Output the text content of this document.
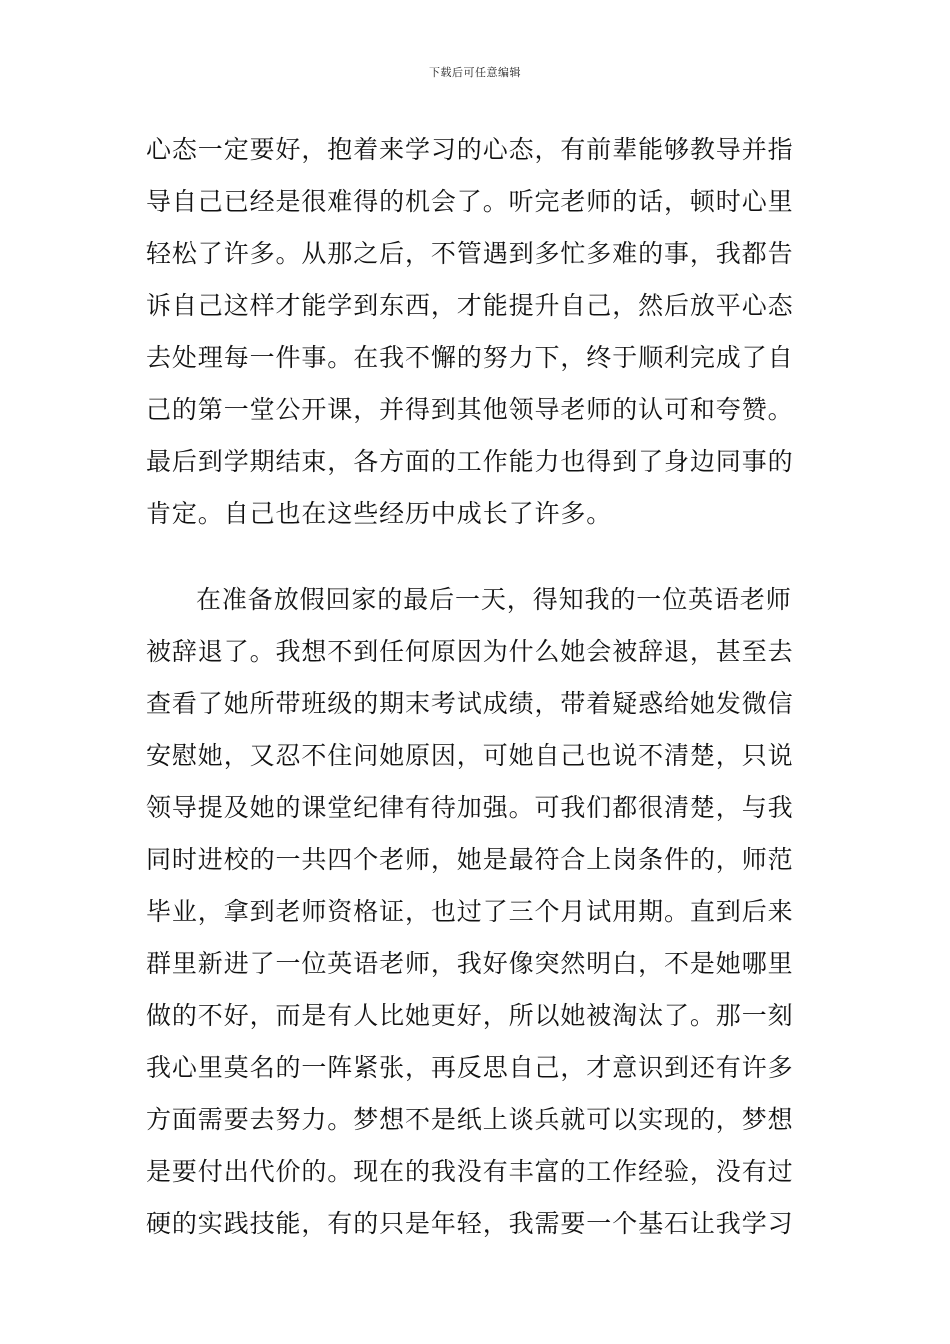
下载后可任意编辑
心态一定要好，抱着来学习的心态，有前辈能够教导并指
导自己已经是很难得的机会了。听完老师的话，顿时心里
轻松了许多。从那之后，不管遇到多忙多难的事，我都告
诉自己这样才能学到东西，才能提升自己，然后放平心态
去处理每一件事。在我不懈的努力下，终于顺利完成了自
己的第一堂公开课，并得到其他领导老师的认可和夸赞。
最后到学期结束，各方面的工作能力也得到了身边同事的
肯定。自己也在这些经历中成长了许多。
在准备放假回家的最后一天，得知我的一位英语老师
被辞退了。我想不到任何原因为什么她会被辞退，甚至去
查看了她所带班级的期末考试成绩，带着疑惑给她发微信
安慰她，又忍不住问她原因，可她自己也说不清楚，只说
领导提及她的课堂纪律有待加强。可我们都很清楚，与我
同时进校的一共四个老师，她是最符合上岗条件的，师范
毕业，拿到老师资格证，也过了三个月试用期。直到后来
群里新进了一位英语老师，我好像突然明白，不是她哪里
做的不好，而是有人比她更好，所以她被淘汰了。那一刻
我心里莫名的一阵紧张，再反思自己，才意识到还有许多
方面需要去努力。梦想不是纸上谈兵就可以实现的，梦想
是要付出代价的。现在的我没有丰富的工作经验，没有过
硬的实践技能，有的只是年轻，我需要一个基石让我学习
